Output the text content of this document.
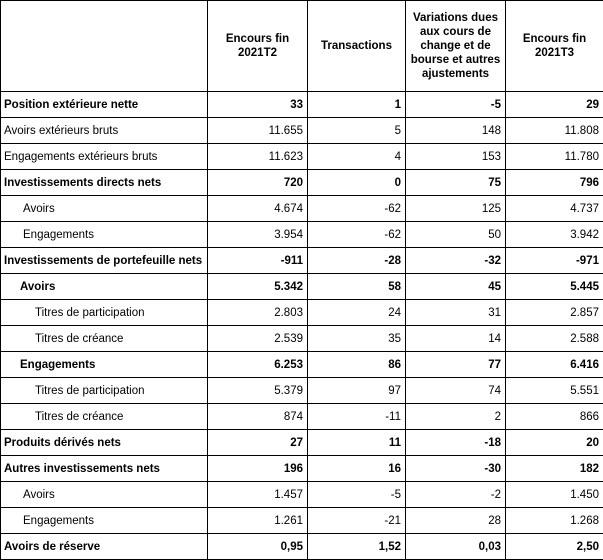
	Encours fin 2021T2	Transactions	Variations dues aux cours de change et de bourse et autres ajustements	Encours fin 2021T3
Position extérieure nette	33	1	-5	29
Avoirs extérieurs bruts	11.655	5	148	11.808
Engagements extérieurs bruts	11.623	4	153	11.780
Investissements directs nets	720	0	75	796
Avoirs	4.674	-62	125	4.737
Engagements	3.954	-62	50	3.942
Investissements de portefeuille nets	-911	-28	-32	-971
Avoirs	5.342	58	45	5.445
Titres de participation	2.803	24	31	2.857
Titres de créance	2.539	35	14	2.588
Engagements	6.253	86	77	6.416
Titres de participation	5.379	97	74	5.551
Titres de créance	874	-11	2	866
Produits dérivés nets	27	11	-18	20
Autres investissements nets	196	16	-30	182
Avoirs	1.457	-5	-2	1.450
Engagements	1.261	-21	28	1.268
Avoirs de réserve	0,95	1,52	0,03	2,50
